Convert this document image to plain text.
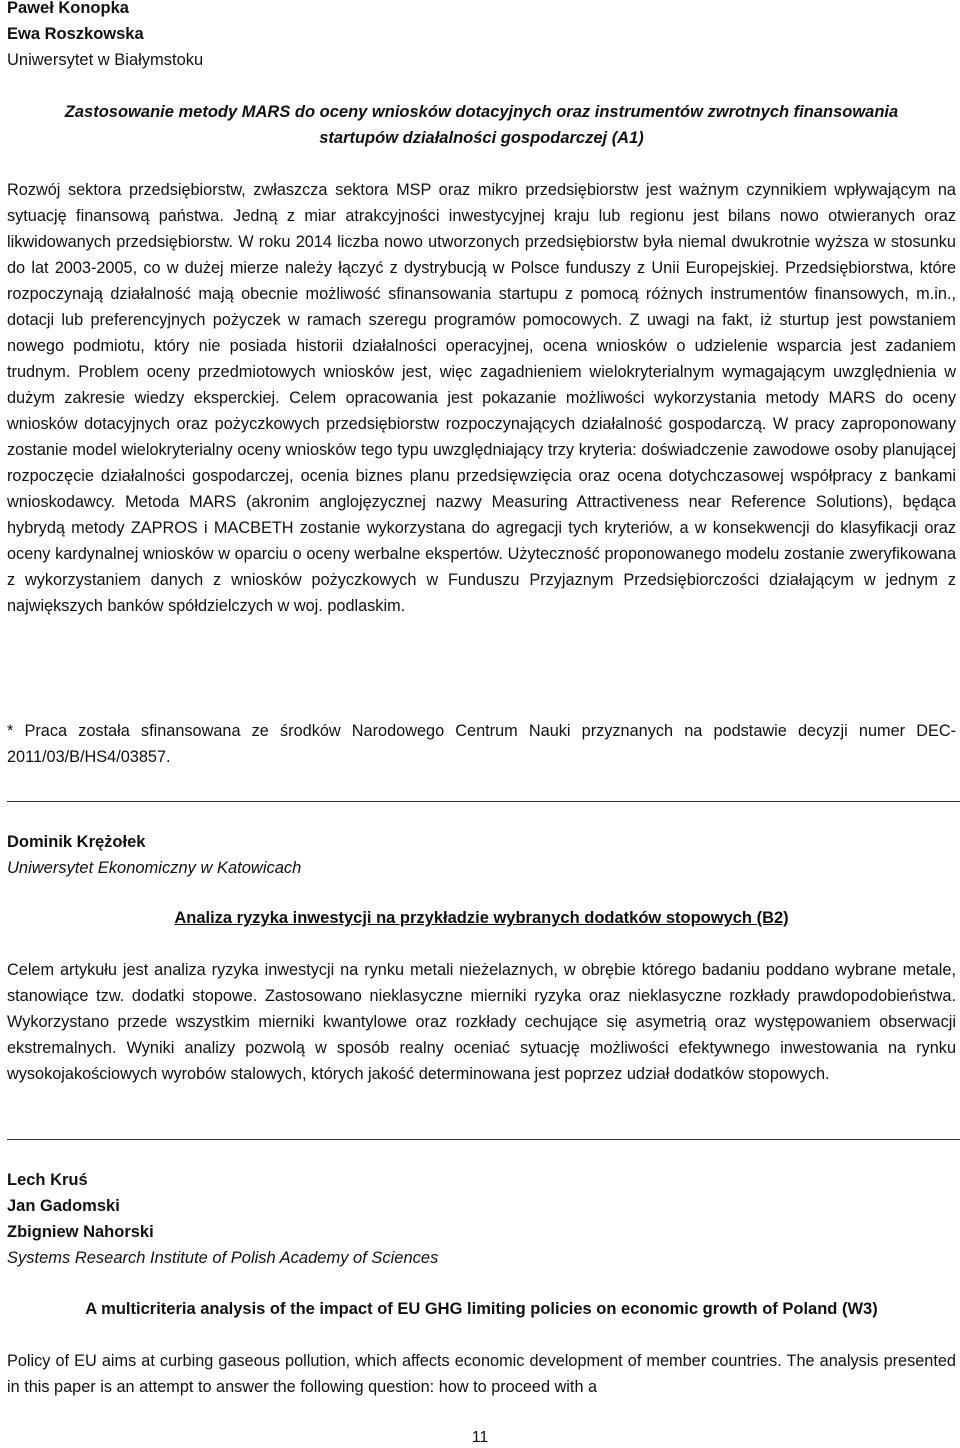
Paweł Konopka
Ewa Roszkowska
Uniwersytet w Białymstoku
Zastosowanie metody MARS do oceny wniosków dotacyjnych oraz instrumentów zwrotnych finansowania
startupów działalności gospodarczej (A1)
Rozwój sektora przedsiębiorstw, zwłaszcza sektora MSP oraz mikro przedsiębiorstw jest ważnym czynnikiem wpływającym na sytuację finansową państwa. Jedną z miar atrakcyjności inwestycyjnej kraju lub regionu jest bilans nowo otwieranych oraz likwidowanych przedsiębiorstw. W roku 2014 liczba nowo utworzonych przedsiębiorstw była niemal dwukrotnie wyższa w stosunku do lat 2003-2005, co w dużej mierze należy łączyć z dystrybucją w Polsce funduszy z Unii Europejskiej. Przedsiębiorstwa, które rozpoczynają działalność mają obecnie możliwość sfinansowania startupu z pomocą różnych instrumentów finansowych, m.in., dotacji lub preferencyjnych pożyczek w ramach szeregu programów pomocowych. Z uwagi na fakt, iż sturtup jest powstaniem nowego podmiotu, który nie posiada historii działalności operacyjnej, ocena wniosków o udzielenie wsparcia jest zadaniem trudnym. Problem oceny przedmiotowych wniosków jest, więc zagadnieniem wielokryterialnym wymagającym uwzględnienia w dużym zakresie wiedzy eksperckiej. Celem opracowania jest pokazanie możliwości wykorzystania metody MARS do oceny wniosków dotacyjnych oraz pożyczkowych przedsiębiorstw rozpoczynających działalność gospodarczą. W pracy zaproponowany zostanie model wielokryterialny oceny wniosków tego typu uwzględniający trzy kryteria: doświadczenie zawodowe osoby planującej rozpoczęcie działalności gospodarczej, ocenia biznes planu przedsięwzięcia oraz ocena dotychczasowej współpracy z bankami wnioskodawcy. Metoda MARS (akronim anglojęzycznej nazwy Measuring Attractiveness near Reference Solutions), będąca hybrydą metody ZAPROS i MACBETH zostanie wykorzystana do agregacji tych kryteriów, a w konsekwencji do klasyfikacji oraz oceny kardynalnej wniosków w oparciu o oceny werbalne ekspertów. Użyteczność proponowanego modelu zostanie zweryfikowana z wykorzystaniem danych z wniosków pożyczkowych w Funduszu Przyjaznym Przedsiębiorczości działającym w jednym z największych banków spółdzielczych w woj. podlaskim.
* Praca została sfinansowana ze środków Narodowego Centrum Nauki przyznanych na podstawie decyzji numer DEC-2011/03/B/HS4/03857.
Dominik Krężołek
Uniwersytet Ekonomiczny w Katowicach
Analiza ryzyka inwestycji na przykładzie wybranych dodatków stopowych (B2)
Celem artykułu jest analiza ryzyka inwestycji na rynku metali nieżelaznych, w obrębie którego badaniu poddano wybrane metale, stanowiące tzw. dodatki stopowe. Zastosowano nieklasyczne mierniki ryzyka oraz nieklasyczne rozkłady prawdopodobieństwa. Wykorzystano przede wszystkim mierniki kwantylowe oraz rozkłady cechujące się asymetrią oraz występowaniem obserwacji ekstremalnych. Wyniki analizy pozwolą w sposób realny oceniać sytuację możliwości efektywnego inwestowania na rynku wysokojakościowych wyrobów stalowych, których jakość determinowana jest poprzez udział dodatków stopowych.
Lech Kruś
Jan Gadomski
Zbigniew Nahorski
Systems Research Institute of Polish Academy of Sciences
A multicriteria analysis of the impact of EU GHG limiting policies on economic growth of Poland (W3)
Policy of EU aims at curbing gaseous pollution, which affects economic development of member countries. The analysis presented in this paper is an attempt to answer the following question: how to proceed with a
11
